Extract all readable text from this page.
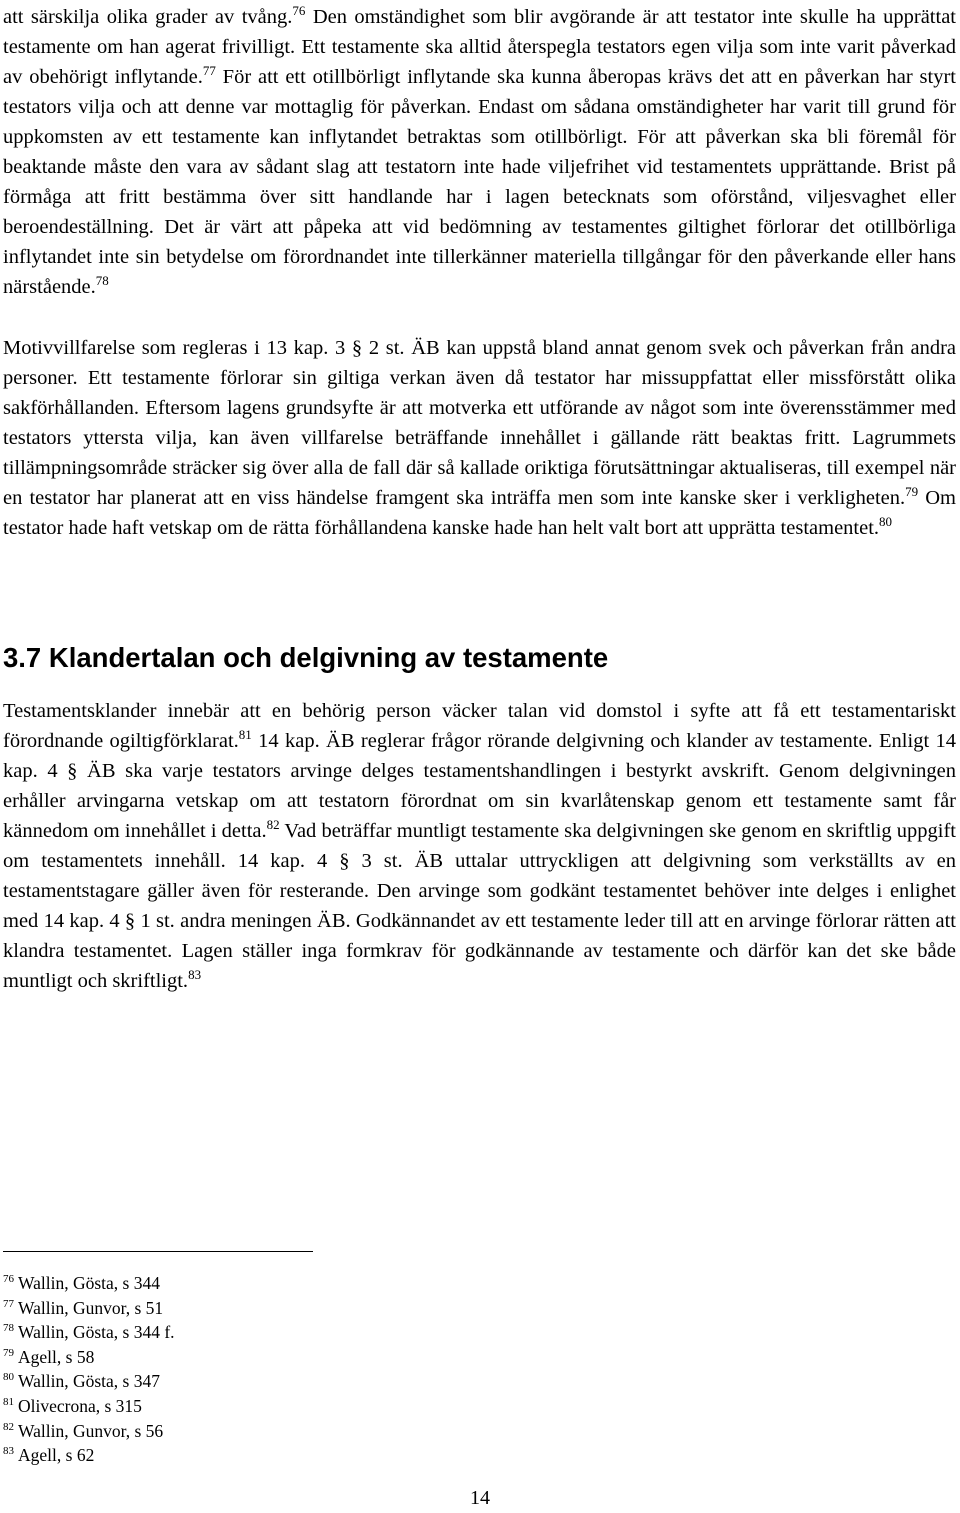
att särskilja olika grader av tvång.$^{76}$ Den omständighet som blir avgörande är att testator inte skulle ha upprättat testamente om han agerat frivilligt. Ett testamente ska alltid återspegla testators egen vilja som inte varit påverkad av obehörigt inflytande.$^{77}$ För att ett otillbörligt inflytande ska kunna åberopas krävs det att en påverkan har styrt testators vilja och att denne var mottaglig för påverkan. Endast om sådana omständigheter har varit till grund för uppkomsten av ett testamente kan inflytandet betraktas som otillbörligt. För att påverkan ska bli föremål för beaktande måste den vara av sådant slag att testatorn inte hade viljefrihet vid testamentets upprättande. Brist på förmåga att fritt bestämma över sitt handlande har i lagen betecknats som oförstånd, viljesvaghet eller beroendeställning. Det är värt att påpeka att vid bedömning av testamentes giltighet förlorar det otillbörliga inflytandet inte sin betydelse om förordnandet inte tillerkänner materiella tillgångar för den påverkande eller hans närstående.$^{78}$

Motivvillfarelse som regleras i 13 kap. 3 § 2 st. ÄB kan uppstå bland annat genom svek och påverkan från andra personer. Ett testamente förlorar sin giltiga verkan även då testator har missuppfattat eller missförstått olika sakförhållanden. Eftersom lagens grundsyfte är att motverka ett utförande av något som inte överensstämmer med testators yttersta vilja, kan även villfarelse beträffande innehållet i gällande rätt beaktas fritt. Lagrummets tillämpningsområde sträcker sig över alla de fall där så kallade oriktiga förutsättningar aktualiseras, till exempel när en testator har planerat att en viss händelse framgent ska inträffa men som inte kanske sker i verkligheten.$^{79}$ Om testator hade haft vetskap om de rätta förhållandena kanske hade han helt valt bort att upprätta testamentet.$^{80}$

3.7 Klandertalan och delgivning av testamente

Testamentsklander innebär att en behörig person väcker talan vid domstol i syfte att få ett testamentariskt förordnande ogiltigförklarat.$^{81}$ 14 kap. ÄB reglerar frågor rörande delgivning och klander av testamente. Enligt 14 kap. 4 § ÄB ska varje testators arvinge delges testamentshandlingen i bestyrkt avskrift. Genom delgivningen erhåller arvingarna vetskap om att testatorn förordnat om sin kvarlåtenskap genom ett testamente samt får kännedom om innehållet i detta.$^{82}$ Vad beträffar muntligt testamente ska delgivningen ske genom en skriftlig uppgift om testamentets innehåll. 14 kap. 4 § 3 st. ÄB uttalar uttryckligen att delgivning som verkställts av en testamentstagare gäller även för resterande. Den arvinge som godkänt testamentet behöver inte delges i enlighet med 14 kap. 4 § 1 st. andra meningen ÄB. Godkännandet av ett testamente leder till att en arvinge förlorar rätten att klandra testamentet. Lagen ställer inga formkrav för godkännande av testamente och därför kan det ske både muntligt och skriftligt.$^{83}$

$^{76}$ Wallin, Gösta, s 344
$^{77}$ Wallin, Gunvor, s 51
$^{78}$ Wallin, Gösta, s 344 f.
$^{79}$ Agell, s 58
$^{80}$ Wallin, Gösta, s 347
$^{81}$ Olivecrona, s 315
$^{82}$ Wallin, Gunvor, s 56
$^{83}$ Agell, s 62
14
